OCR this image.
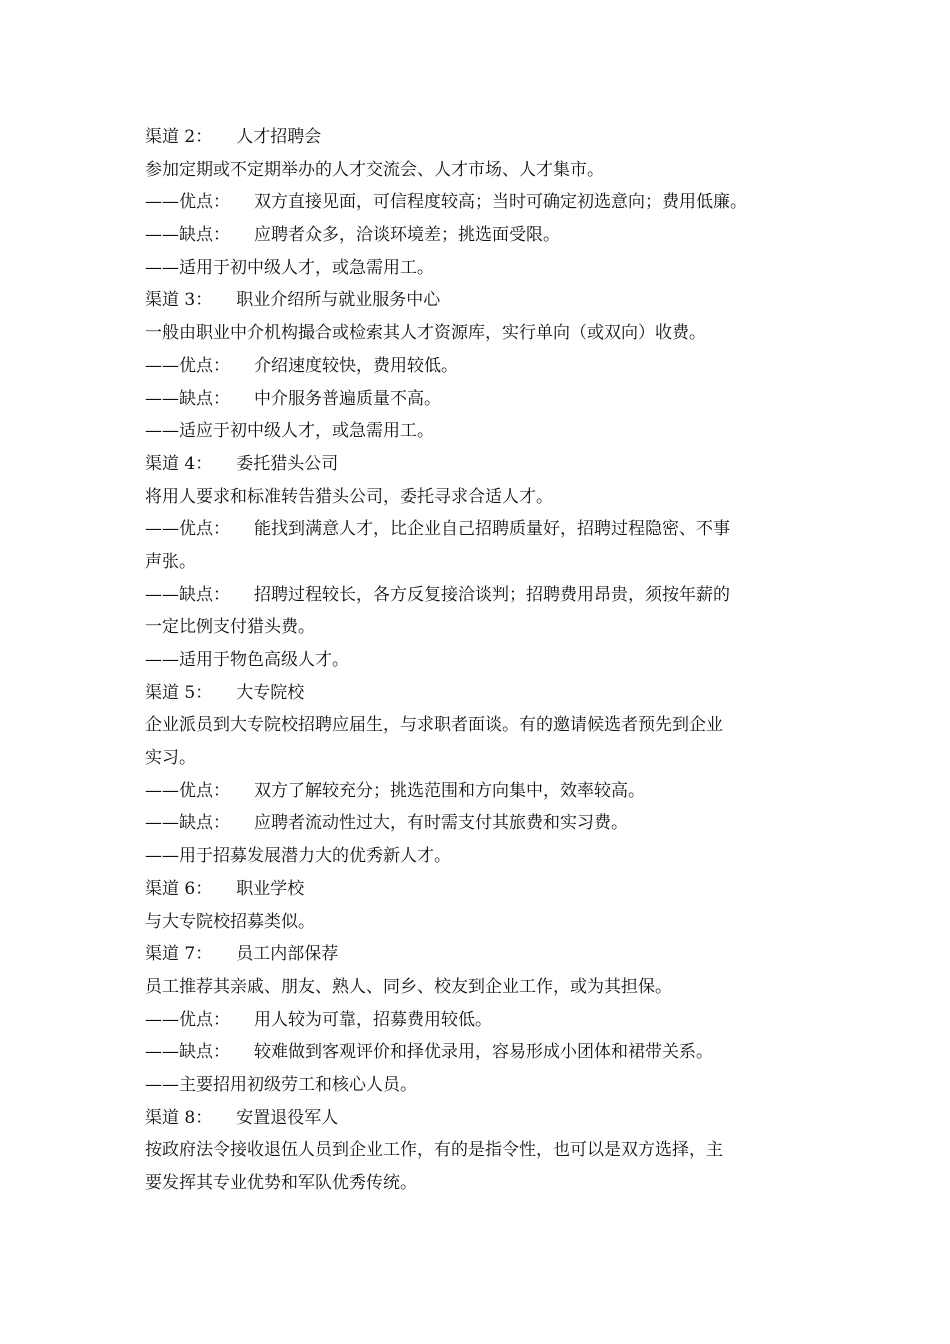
渠道 2： 人才招聘会
参加定期或不定期举办的人才交流会、人才市场、人才集市。
——优点： 双方直接见面，可信程度较高；当时可确定初选意向；费用低廉。
——缺点： 应聘者众多，洽谈环境差；挑选面受限。
——适用于初中级人才，或急需用工。
渠道 3： 职业介绍所与就业服务中心
一般由职业中介机构撮合或检索其人才资源库，实行单向（或双向）收费。
——优点： 介绍速度较快，费用较低。
——缺点： 中介服务普遍质量不高。
——适应于初中级人才，或急需用工。
渠道 4： 委托猎头公司
将用人要求和标准转告猎头公司，委托寻求合适人才。
——优点： 能找到满意人才，比企业自己招聘质量好，招聘过程隐密、不事
声张。
——缺点： 招聘过程较长，各方反复接洽谈判；招聘费用昂贵，须按年薪的
一定比例支付猎头费。
——适用于物色高级人才。
渠道 5： 大专院校
企业派员到大专院校招聘应届生，与求职者面谈。有的邀请候选者预先到企业
实习。
——优点： 双方了解较充分；挑选范围和方向集中，效率较高。
——缺点： 应聘者流动性过大，有时需支付其旅费和实习费。
——用于招募发展潜力大的优秀新人才。
渠道 6： 职业学校
与大专院校招募类似。
渠道 7： 员工内部保荐
员工推荐其亲戚、朋友、熟人、同乡、校友到企业工作，或为其担保。
——优点： 用人较为可靠，招募费用较低。
——缺点： 较难做到客观评价和择优录用，容易形成小团体和裙带关系。
——主要招用初级劳工和核心人员。
渠道 8： 安置退役军人
按政府法令接收退伍人员到企业工作，有的是指令性，也可以是双方选择，主
要发挥其专业优势和军队优秀传统。
